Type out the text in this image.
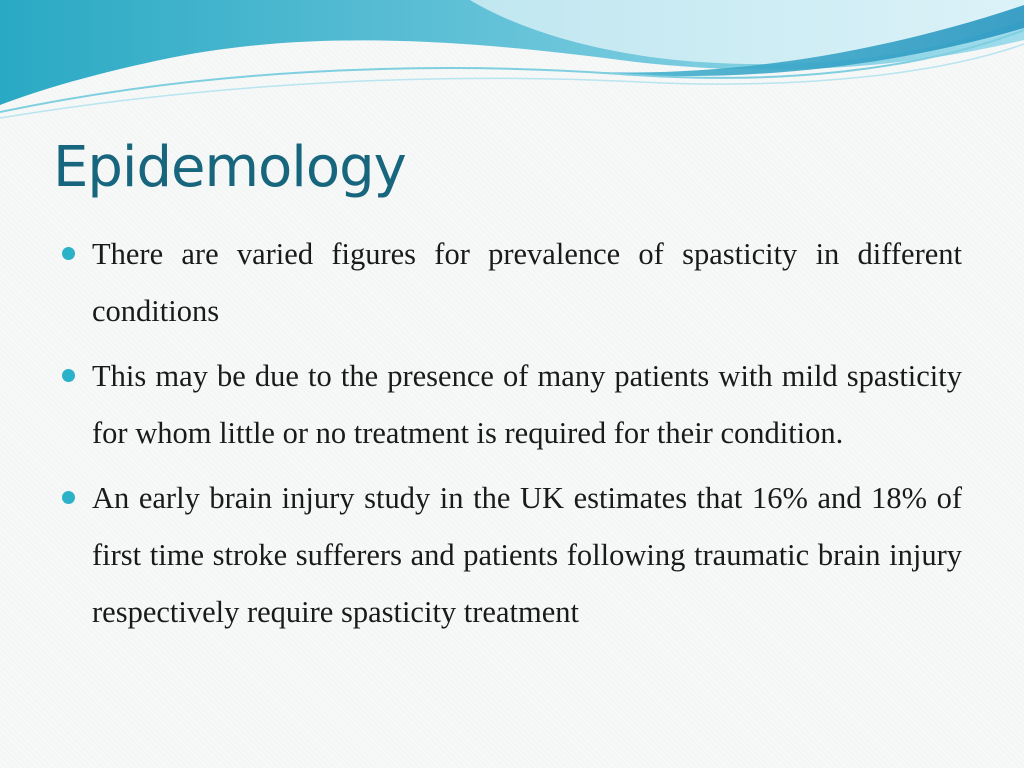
Epidemology
There are varied figures for prevalence of spasticity in different conditions
This may be due to the presence of many patients with mild spasticity for whom little or no treatment is required for their condition.
An early brain injury study in the UK estimates that 16% and 18% of first time stroke sufferers and patients following traumatic brain injury respectively require spasticity treatment
